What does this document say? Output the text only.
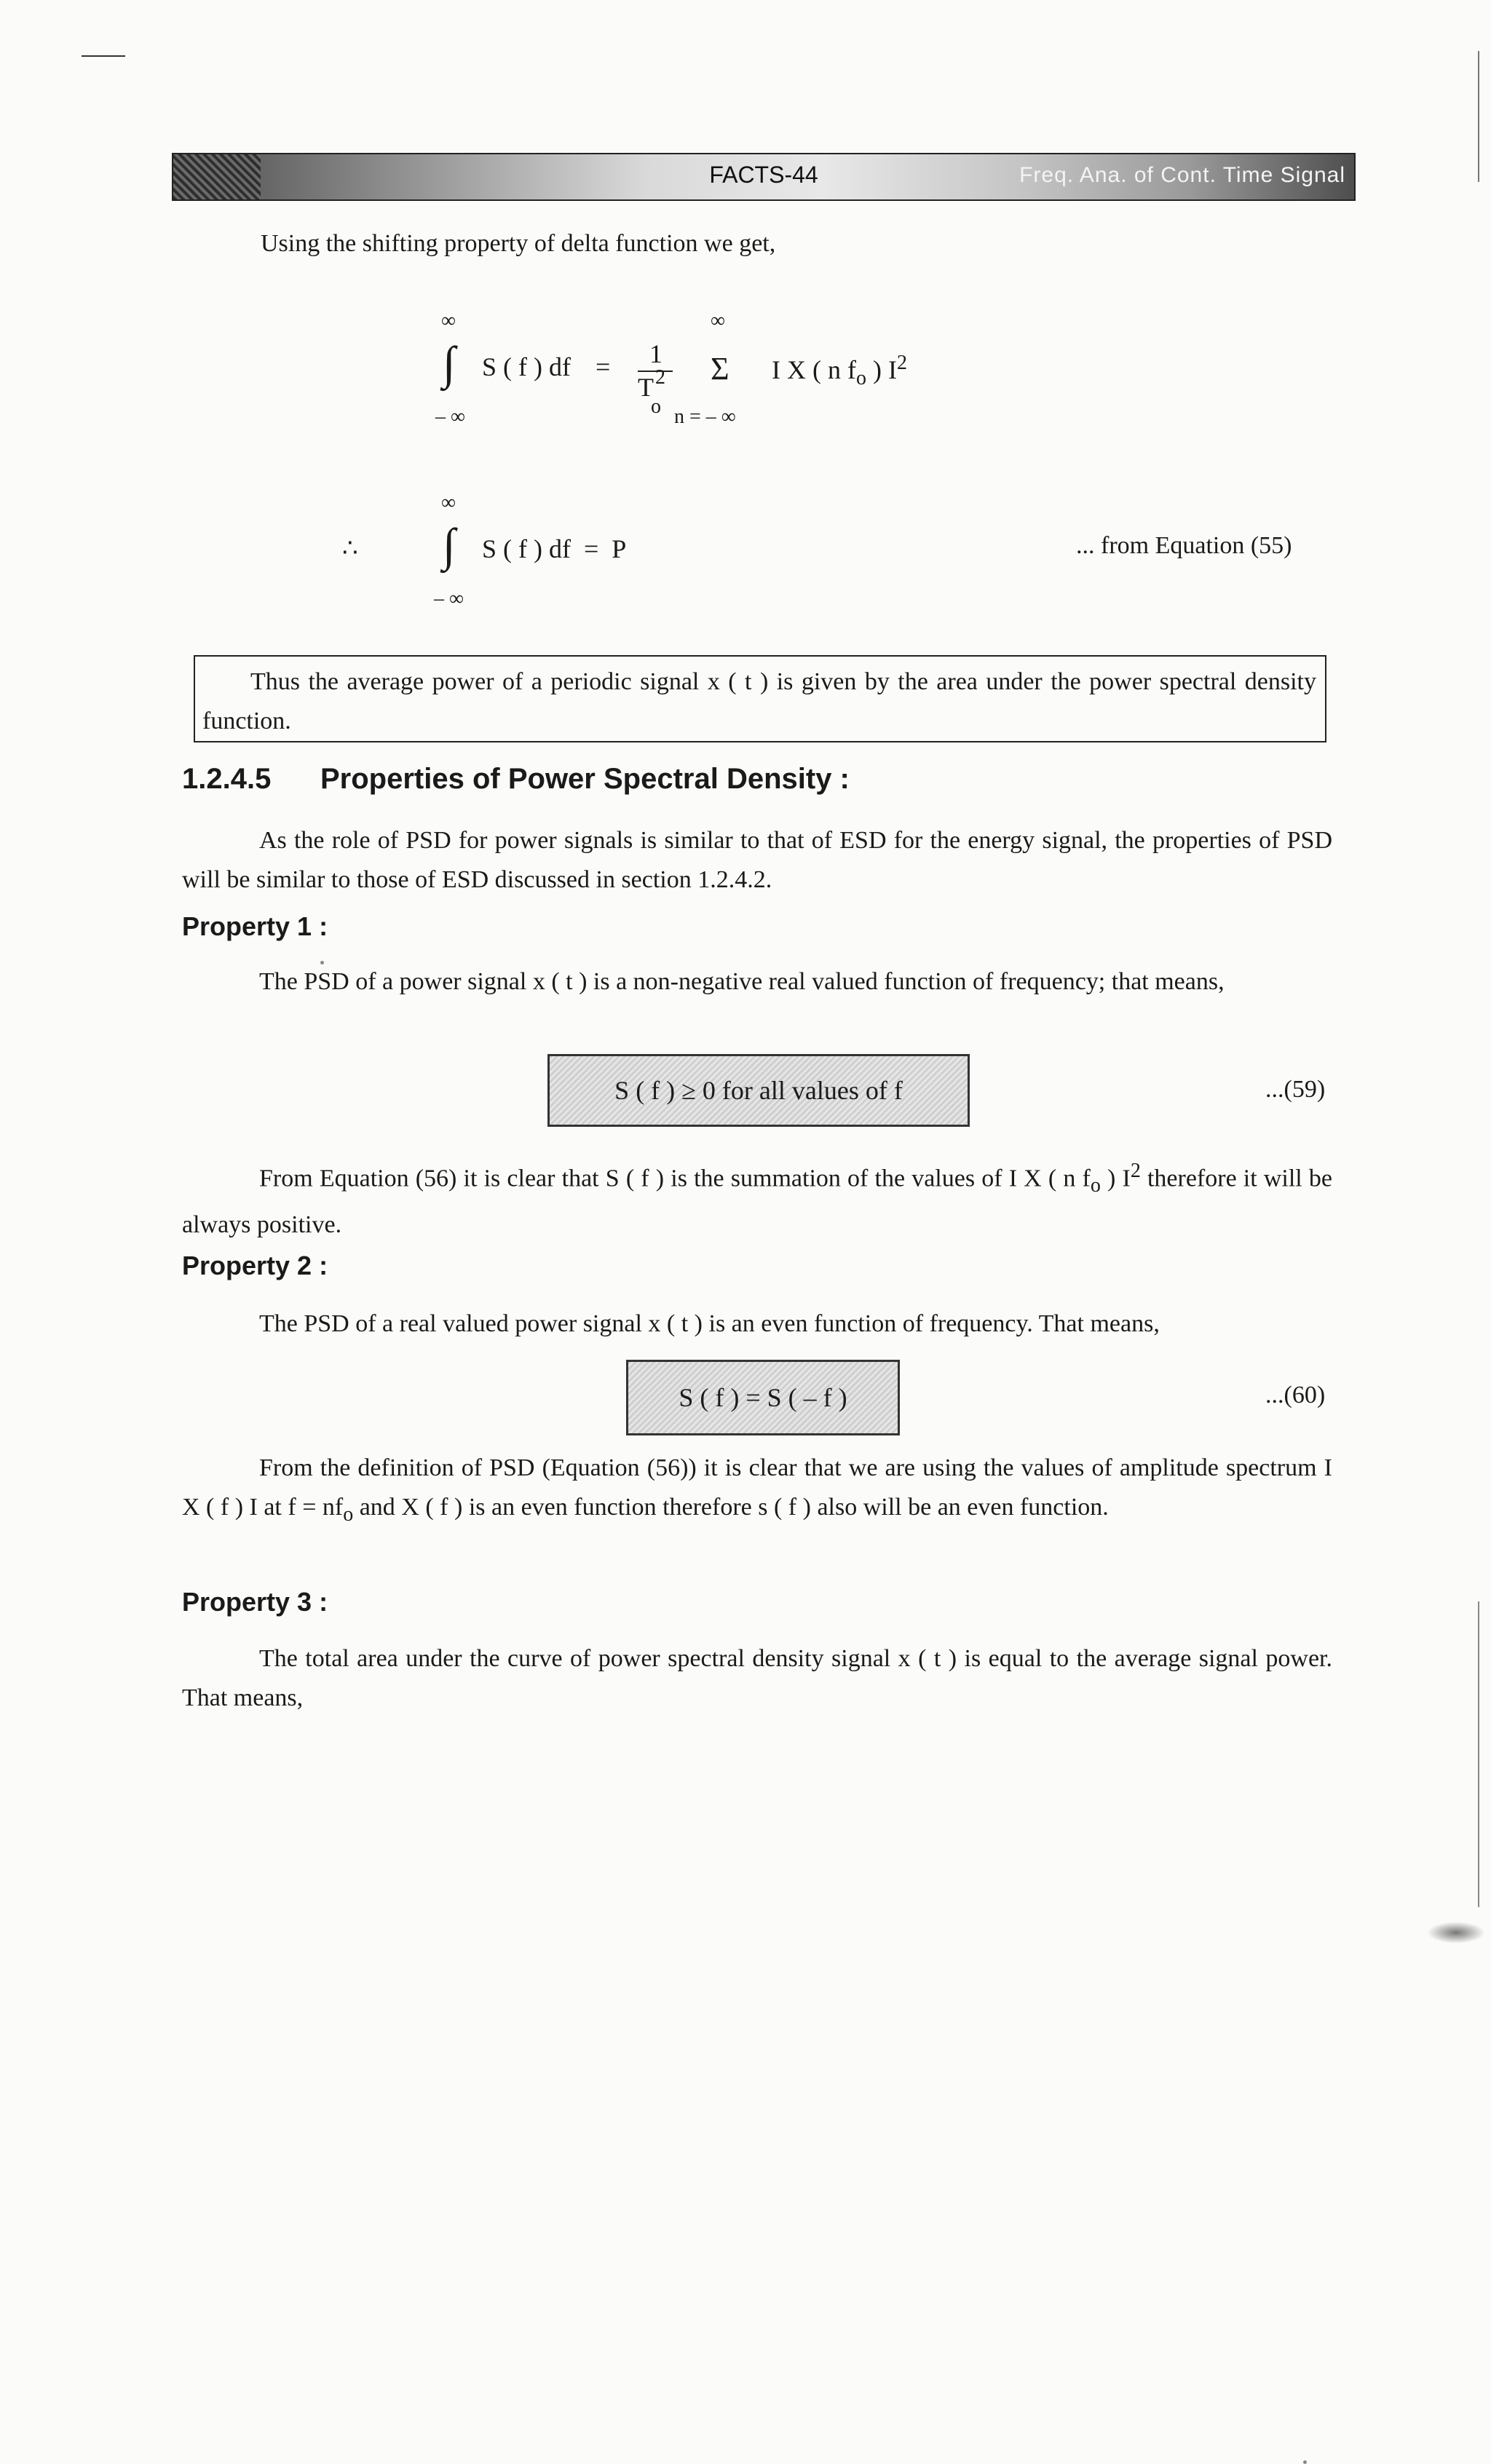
FACTS-44	Freq. Ana. of Cont. Time Signal
Using the shifting property of delta function we get,
∞
∫
– ∞
S ( f ) df = 1
T 2
o
∞
Σ
n = – ∞
I X ( n $f_o$ ) $I^2$
∴
∞
∫
– ∞
S ( f ) df  =  P	... from Equation (55)
Thus the average power of a periodic signal x ( t ) is given by the area under the power spectral density function.
1.2.4.5 Properties of Power Spectral Density :
As the role of PSD for power signals is similar to that of ESD for the energy signal, the properties of PSD will be similar to those of ESD discussed in section 1.2.4.2.
Property 1 :
The PSD of a power signal x ( t ) is a non-negative real valued function of frequency; that means,
S ( f ) ≥ 0 for all values of f	...(59)
From Equation (56) it is clear that S ( f ) is the summation of the values of I X ( n $f_o$ ) $I^2$ therefore it will be always positive.
Property 2 :
The PSD of a real valued power signal x ( t ) is an even function of frequency. That means,
S ( f ) = S ( – f )	...(60)
From the definition of PSD (Equation (56)) it is clear that we are using the values of amplitude spectrum I X ( f ) I at $f = nf_o$ and X ( f ) is an even function therefore s ( f ) also will be an even function.
Property 3 :
The total area under the curve of power spectral density signal x ( t ) is equal to the average signal power. That means,
